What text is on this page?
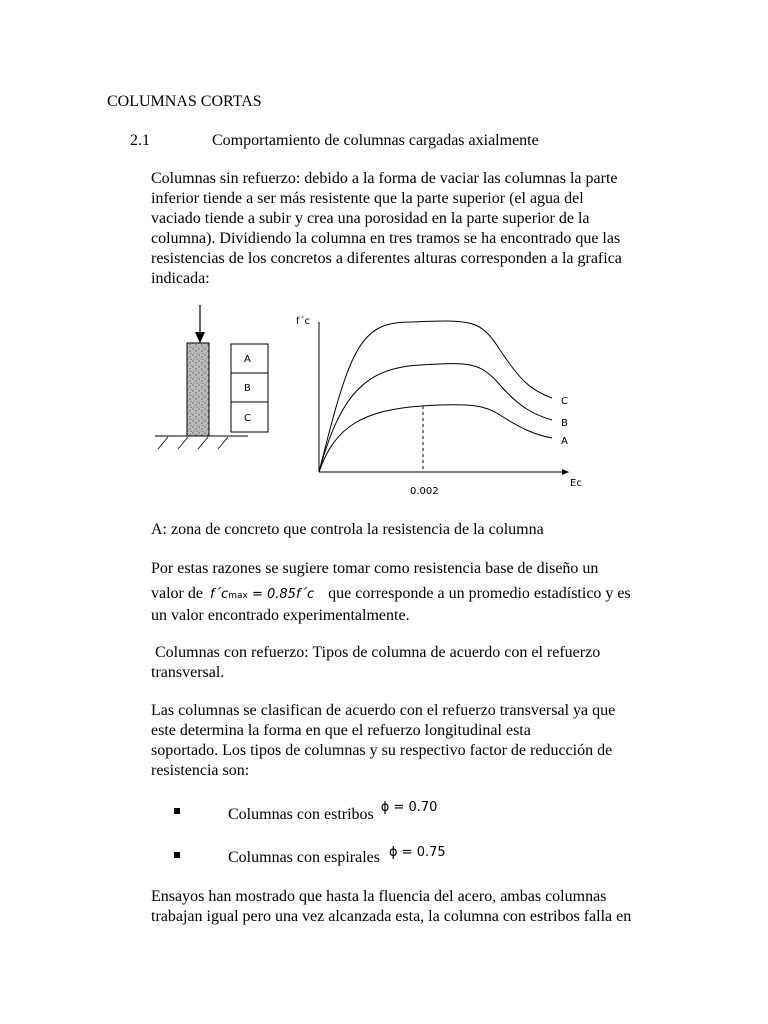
COLUMNAS CORTAS
2.1	Comportamiento de columnas cargadas axialmente

Columnas sin refuerzo: debido a la forma de vaciar las columnas la parte

inferior tiende a ser más resistente que la parte superior (el agua del

vaciado tiende a subir y crea una porosidad en la parte superior de la

columna). Dividiendo la columna en tres tramos se ha encontrado que las

resistencias de los concretos a diferentes alturas corresponden a la grafica

indicada:

A
B
C
f´c
Ec
0.002
C
B
A
A: zona de concreto que controla la resistencia de la columna

Por estas razones se sugiere tomar como resistencia base de diseño un

valor de f´cmax = 0.85f´c que corresponde a un promedio estadístico y es

un valor encontrado experimentalmente.

Columnas con refuerzo: Tipos de columna de acuerdo con el refuerzo

transversal.

Las columnas se clasifican de acuerdo con el refuerzo transversal ya que

este determina la forma en que el refuerzo longitudinal esta

soportado. Los tipos de columnas y su respectivo factor de reducción de

resistencia son:

Columnas con estribos $^{\phi = 0.70}$
Columnas con espirales $^{\phi = 0.75}$

Ensayos han mostrado que hasta la fluencia del acero, ambas columnas

trabajan igual pero una vez alcanzada esta, la columna con estribos falla en
